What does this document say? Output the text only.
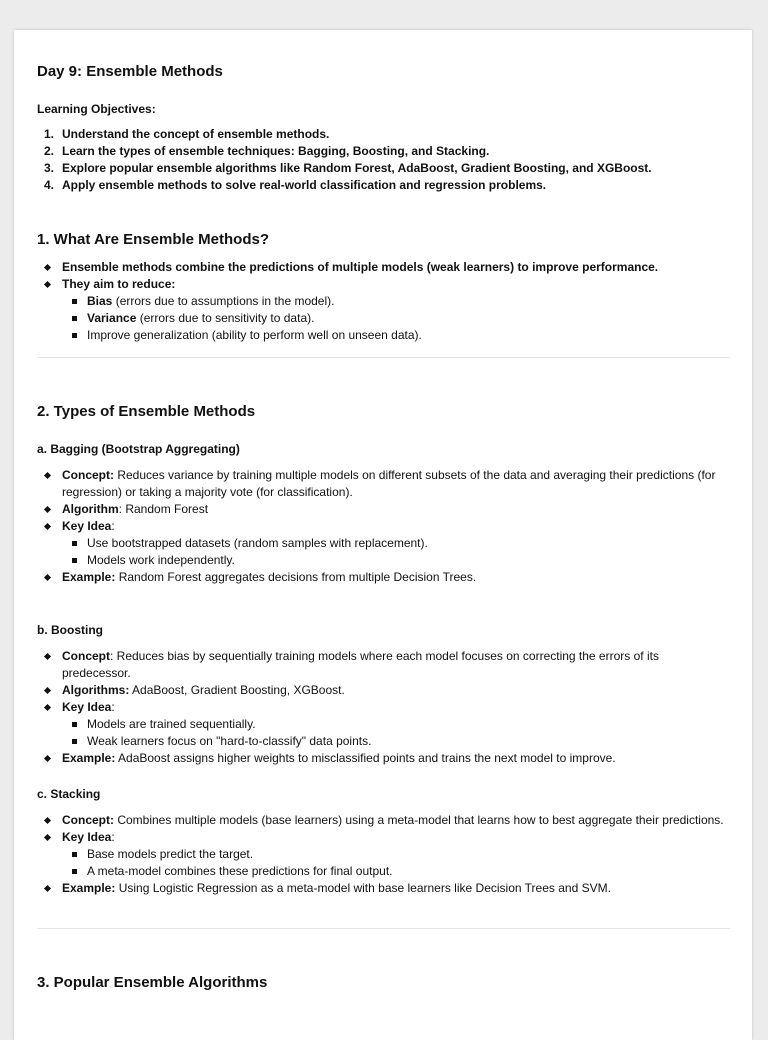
Day 9: Ensemble Methods
Learning Objectives:
1. Understand the concept of ensemble methods.
2. Learn the types of ensemble techniques: Bagging, Boosting, and Stacking.
3. Explore popular ensemble algorithms like Random Forest, AdaBoost, Gradient Boosting, and XGBoost.
4. Apply ensemble methods to solve real-world classification and regression problems.
1. What Are Ensemble Methods?
Ensemble methods combine the predictions of multiple models (weak learners) to improve performance.
They aim to reduce:
Bias (errors due to assumptions in the model).
Variance (errors due to sensitivity to data).
Improve generalization (ability to perform well on unseen data).
2. Types of Ensemble Methods
a. Bagging (Bootstrap Aggregating)
Concept: Reduces variance by training multiple models on different subsets of the data and averaging their predictions (for regression) or taking a majority vote (for classification).
Algorithm: Random Forest
Key Idea:
Use bootstrapped datasets (random samples with replacement).
Models work independently.
Example: Random Forest aggregates decisions from multiple Decision Trees.
b. Boosting
Concept: Reduces bias by sequentially training models where each model focuses on correcting the errors of its predecessor.
Algorithms: AdaBoost, Gradient Boosting, XGBoost.
Key Idea:
Models are trained sequentially.
Weak learners focus on "hard-to-classify" data points.
Example: AdaBoost assigns higher weights to misclassified points and trains the next model to improve.
c. Stacking
Concept: Combines multiple models (base learners) using a meta-model that learns how to best aggregate their predictions.
Key Idea:
Base models predict the target.
A meta-model combines these predictions for final output.
Example: Using Logistic Regression as a meta-model with base learners like Decision Trees and SVM.
3. Popular Ensemble Algorithms
